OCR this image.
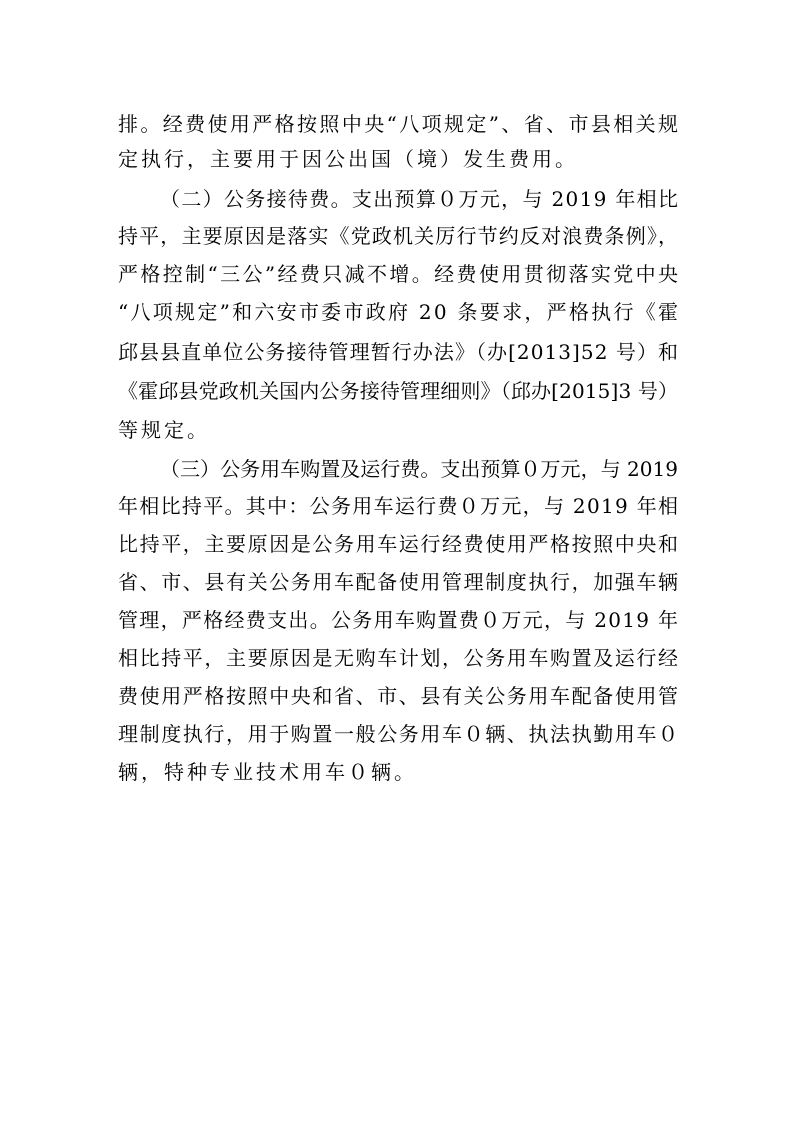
排。经费使用严格按照中央“八项规定”、省、市县相关规
定执行，主要用于因公出国（境）发生费用。
（二）公务接待费。支出预算０万元，与 2019 年相比
持平，主要原因是落实《党政机关厉行节约反对浪费条例》，
严格控制“三公”经费只减不增。经费使用贯彻落实党中央
“八项规定”和六安市委市政府 20 条要求，严格执行《霍
邱县县直单位公务接待管理暂行办法》（办[2013]52 号）和
《霍邱县党政机关国内公务接待管理细则》（邱办[2015]3 号）
等规定。
（三）公务用车购置及运行费。支出预算０万元，与 2019
年相比持平。其中：公务用车运行费０万元，与 2019 年相
比持平，主要原因是公务用车运行经费使用严格按照中央和
省、市、县有关公务用车配备使用管理制度执行，加强车辆
管理，严格经费支出。公务用车购置费０万元，与 2019 年
相比持平，主要原因是无购车计划，公务用车购置及运行经
费使用严格按照中央和省、市、县有关公务用车配备使用管
理制度执行，用于购置一般公务用车０辆、执法执勤用车０
辆，特种专业技术用车０辆。
